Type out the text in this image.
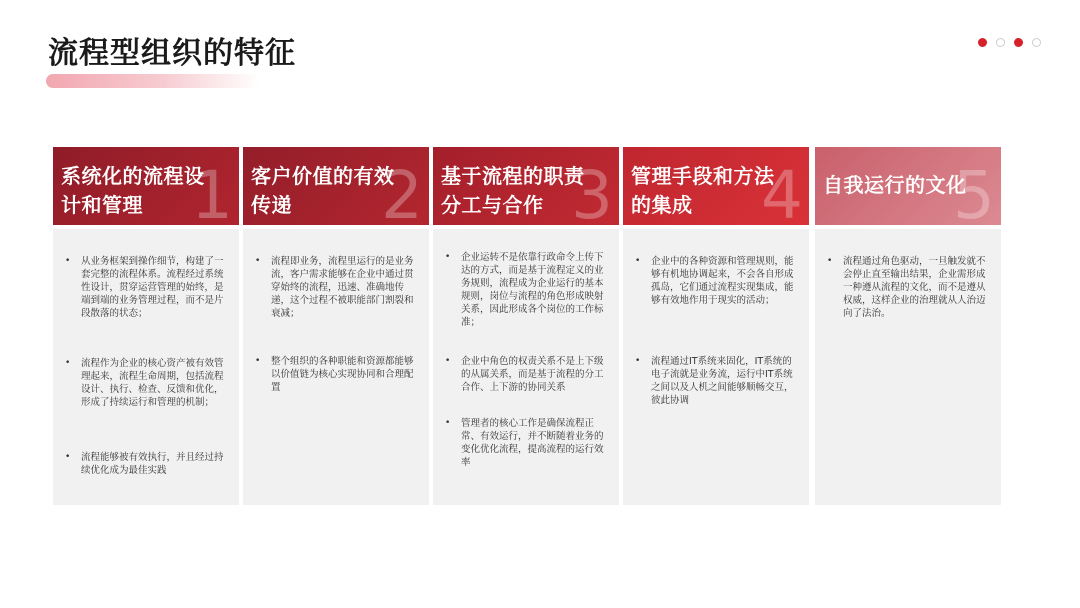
流程型组织的特征
1
系统化的流程设计和管理
•	从业务框架到操作细节，构建了一套完整的流程体系。流程经过系统性设计，贯穿运营管理的始终，是端到端的业务管理过程，而不是片段散落的状态；
•	流程作为企业的核心资产被有效管理起来，流程生命周期，包括流程设计、执行、检查、反馈和优化，形成了持续运行和管理的机制；
•	流程能够被有效执行，并且经过持续优化成为最佳实践
2
客户价值的有效传递
•	流程即业务，流程里运行的是业务流，客户需求能够在企业中通过贯穿始终的流程，迅速、准确地传递，这个过程不被职能部门割裂和衰减；
•	整个组织的各种职能和资源都能够以价值链为核心实现协同和合理配置
3
基于流程的职责分工与合作
•	企业运转不是依靠行政命令上传下达的方式，而是基于流程定义的业务规则，流程成为企业运行的基本规则，岗位与流程的角色形成映射关系，因此形成各个岗位的工作标准；
•	企业中角色的权责关系不是上下级的从属关系，而是基于流程的分工合作、上下游的协同关系
•	管理者的核心工作是确保流程正常、有效运行，并不断随着业务的变化优化流程，提高流程的运行效率
4
管理手段和方法的集成
•	企业中的各种资源和管理规则，能够有机地协调起来，不会各自形成孤岛，它们通过流程实现集成，能够有效地作用于现实的活动；
•	流程通过IT系统来固化，IT系统的电子流就是业务流，运行中IT系统之间以及人机之间能够顺畅交互，彼此协调
5
自我运行的文化
•	流程通过角色驱动，一旦触发就不会停止直至输出结果，企业需形成一种遵从流程的文化，而不是遵从权威，这样企业的治理就从人治迈向了法治。
